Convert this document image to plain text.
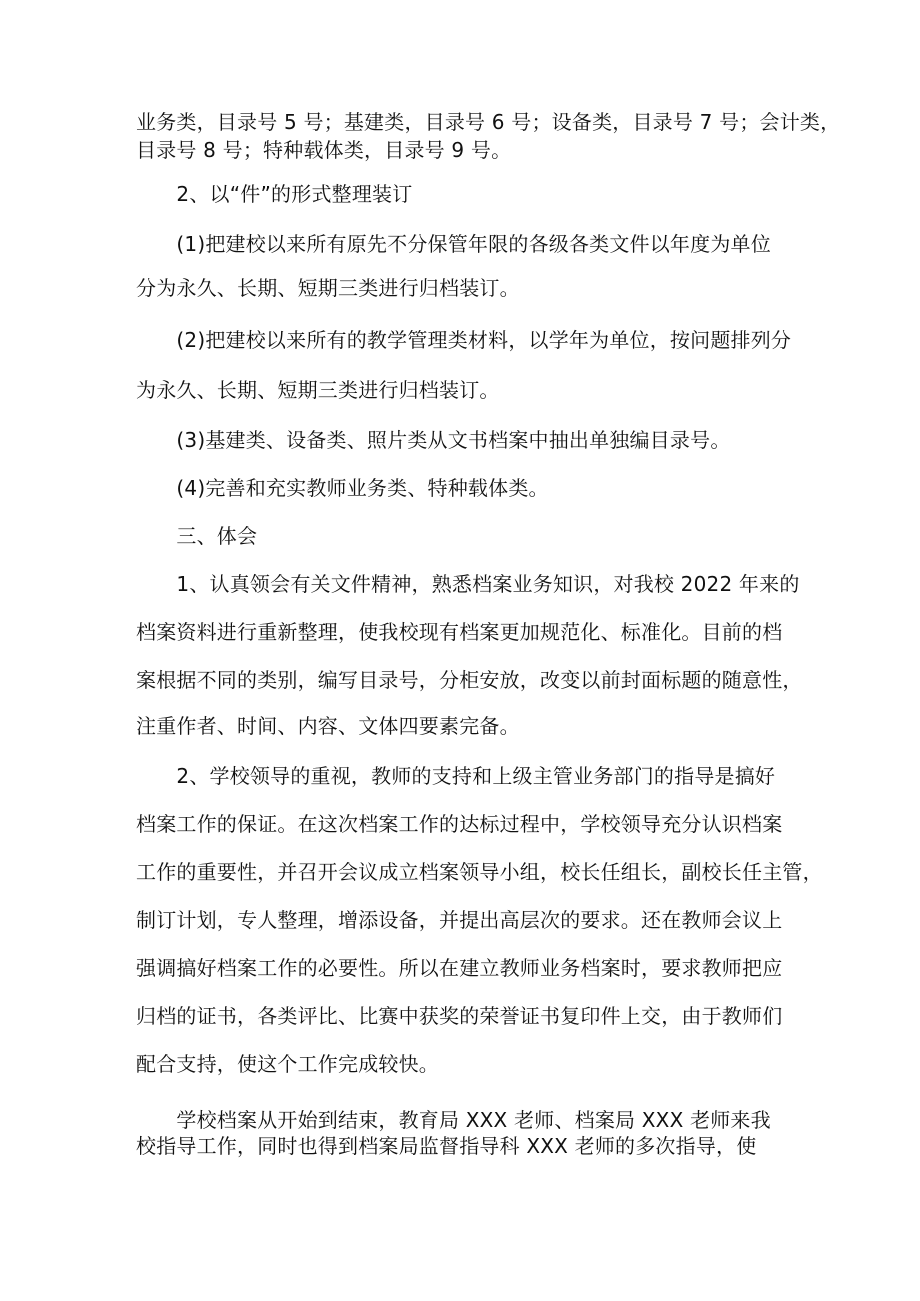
业务类，目录号 5 号；基建类，目录号 6 号；设备类，目录号 7 号；会计类，
目录号 8 号；特种载体类，目录号 9 号。
　　2、以“件”的形式整理装订
　　(1)把建校以来所有原先不分保管年限的各级各类文件以年度为单位
分为永久、长期、短期三类进行归档装订。
　　(2)把建校以来所有的教学管理类材料，以学年为单位，按问题排列分
为永久、长期、短期三类进行归档装订。
　　(3)基建类、设备类、照片类从文书档案中抽出单独编目录号。
　　(4)完善和充实教师业务类、特种载体类。
　　三、体会
　　1、认真领会有关文件精神，熟悉档案业务知识，对我校 2022 年来的
档案资料进行重新整理，使我校现有档案更加规范化、标准化。目前的档
案根据不同的类别，编写目录号，分柜安放，改变以前封面标题的随意性，
注重作者、时间、内容、文体四要素完备。
　　2、学校领导的重视，教师的支持和上级主管业务部门的指导是搞好
档案工作的保证。在这次档案工作的达标过程中，学校领导充分认识档案
工作的重要性，并召开会议成立档案领导小组，校长任组长，副校长任主管，
制订计划，专人整理，增添设备，并提出高层次的要求。还在教师会议上
强调搞好档案工作的必要性。所以在建立教师业务档案时，要求教师把应
归档的证书，各类评比、比赛中获奖的荣誉证书复印件上交，由于教师们
配合支持，使这个工作完成较快。
　　学校档案从开始到结束，教育局 XXX 老师、档案局 XXX 老师来我
校指导工作，同时也得到档案局监督指导科 XXX 老师的多次指导，使
